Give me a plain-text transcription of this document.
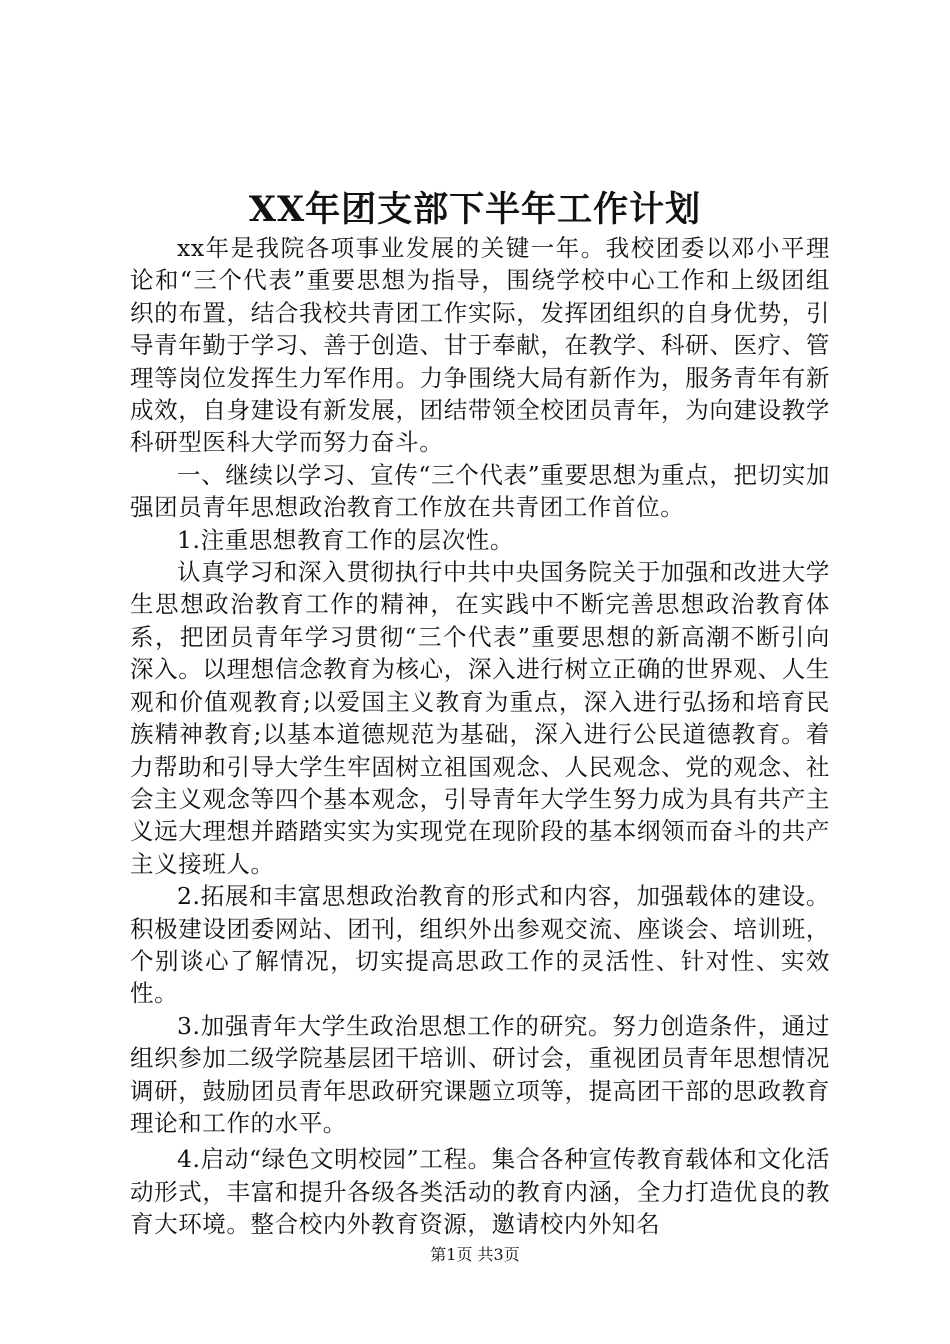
XX年团支部下半年工作计划

xx年是我院各项事业发展的关键一年。我校团委以邓小平理论和“三个代表”重要思想为指导，围绕学校中心工作和上级团组织的布置，结合我校共青团工作实际，发挥团组织的自身优势，引导青年勤于学习、善于创造、甘于奉献，在教学、科研、医疗、管理等岗位发挥生力军作用。力争围绕大局有新作为，服务青年有新成效，自身建设有新发展，团结带领全校团员青年，为向建设教学科研型医科大学而努力奋斗。

一、继续以学习、宣传“三个代表”重要思想为重点，把切实加强团员青年思想政治教育工作放在共青团工作首位。

1.注重思想教育工作的层次性。

认真学习和深入贯彻执行中共中央国务院关于加强和改进大学生思想政治教育工作的精神，在实践中不断完善思想政治教育体系，把团员青年学习贯彻“三个代表”重要思想的新高潮不断引向深入。以理想信念教育为核心，深入进行树立正确的世界观、人生观和价值观教育;以爱国主义教育为重点，深入进行弘扬和培育民族精神教育;以基本道德规范为基础，深入进行公民道德教育。着力帮助和引导大学生牢固树立祖国观念、人民观念、党的观念、社会主义观念等四个基本观念，引导青年大学生努力成为具有共产主义远大理想并踏踏实实为实现党在现阶段的基本纲领而奋斗的共产主义接班人。

2.拓展和丰富思想政治教育的形式和内容，加强载体的建设。积极建设团委网站、团刊，组织外出参观交流、座谈会、培训班，个别谈心了解情况，切实提高思政工作的灵活性、针对性、实效性。

3.加强青年大学生政治思想工作的研究。努力创造条件，通过组织参加二级学院基层团干培训、研讨会，重视团员青年思想情况调研，鼓励团员青年思政研究课题立项等，提高团干部的思政教育理论和工作的水平。

4.启动“绿色文明校园”工程。集合各种宣传教育载体和文化活动形式，丰富和提升各级各类活动的教育内涵，全力打造优良的教育大环境。整合校内外教育资源，邀请校内外知名

第1页 共3页
